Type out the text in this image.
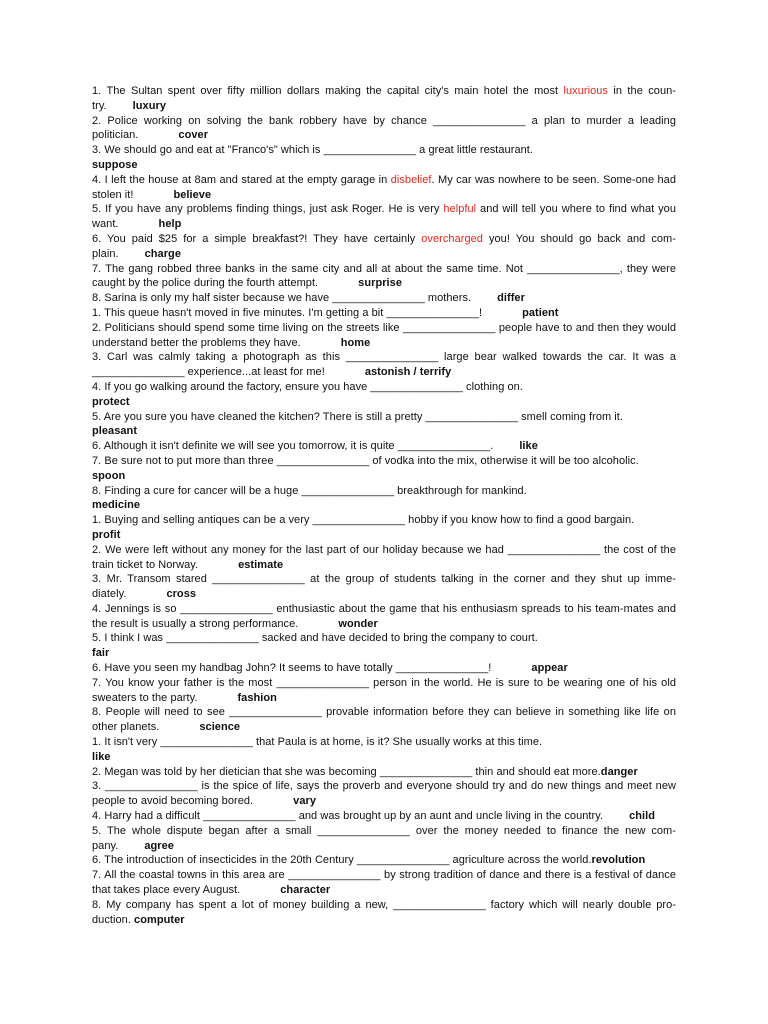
1. The Sultan spent over fifty million dollars making the capital city's main hotel the most luxurious in the coun-try. luxury

2. Police working on solving the bank robbery have by chance _______________ a plan to murder a leading politician.	cover

3. We should go and eat at "Franco's" which is _______________ a great little restaurant.
suppose

4. I left the house at 8am and stared at the empty garage in disbelief. My car was nowhere to be seen. Some-one had stolen it!	believe

5. If you have any problems finding things, just ask Roger. He is very helpful and will tell you where to find what you want.	help

6. You paid $25 for a simple breakfast?! They have certainly overcharged you! You should go back and com-plain. charge

7. The gang robbed three banks in the same city and all at about the same time. Not _______________, they were caught by the police during the fourth attempt.	surprise

8. Sarina is only my half sister because we have _______________ mothers. differ

1. This queue hasn't moved in five minutes. I'm getting a bit _______________!	patient

2. Politicians should spend some time living on the streets like _______________ people have to and then they would understand better the problems they have.	home

3. Carl was calmly taking a photograph as this _______________ large bear walked towards the car. It was a _______________ experience...at least for me!	astonish / terrify

4. If you go walking around the factory, ensure you have _______________ clothing on.
protect

5. Are you sure you have cleaned the kitchen? There is still a pretty _______________ smell coming from it.
pleasant

6. Although it isn't definite we will see you tomorrow, it is quite _______________. like

7. Be sure not to put more than three _______________ of vodka into the mix, otherwise it will be too alcoholic.
spoon

8. Finding a cure for cancer will be a huge _______________ breakthrough for mankind.
medicine

1. Buying and selling antiques can be a very _______________ hobby if you know how to find a good bargain.
profit

2. We were left without any money for the last part of our holiday because we had _______________ the cost of the train ticket to Norway.	estimate

3. Mr. Transom stared _______________ at the group of students talking in the corner and they shut up imme-diately.	cross

4. Jennings is so _______________ enthusiastic about the game that his enthusiasm spreads to his team-mates and the result is usually a strong performance.	wonder

5. I think I was _______________ sacked and have decided to bring the company to court.
fair

6. Have you seen my handbag John? It seems to have totally _______________!	appear

7. You know your father is the most _______________ person in the world. He is sure to be wearing one of his old sweaters to the party.	fashion

8. People will need to see _______________ provable information before they can believe in something like life on other planets.	science

1. It isn't very _______________ that Paula is at home, is it? She usually works at this time.
like

2. Megan was told by her dietician that she was becoming _______________ thin and should eat more.danger

3. _______________ is the spice of life, says the proverb and everyone should try and do new things and meet new people to avoid becoming bored.	vary

4. Harry had a difficult _______________ and was brought up by an aunt and uncle living in the country. child

5. The whole dispute began after a small _______________ over the money needed to finance the new com-pany. agree

6. The introduction of insecticides in the 20th Century _______________ agriculture across the world.revolution

7. All the coastal towns in this area are _______________ by strong tradition of dance and there is a festival of dance that takes place every August.	character

8. My company has spent a lot of money building a new, _______________ factory which will nearly double pro-duction. computer
